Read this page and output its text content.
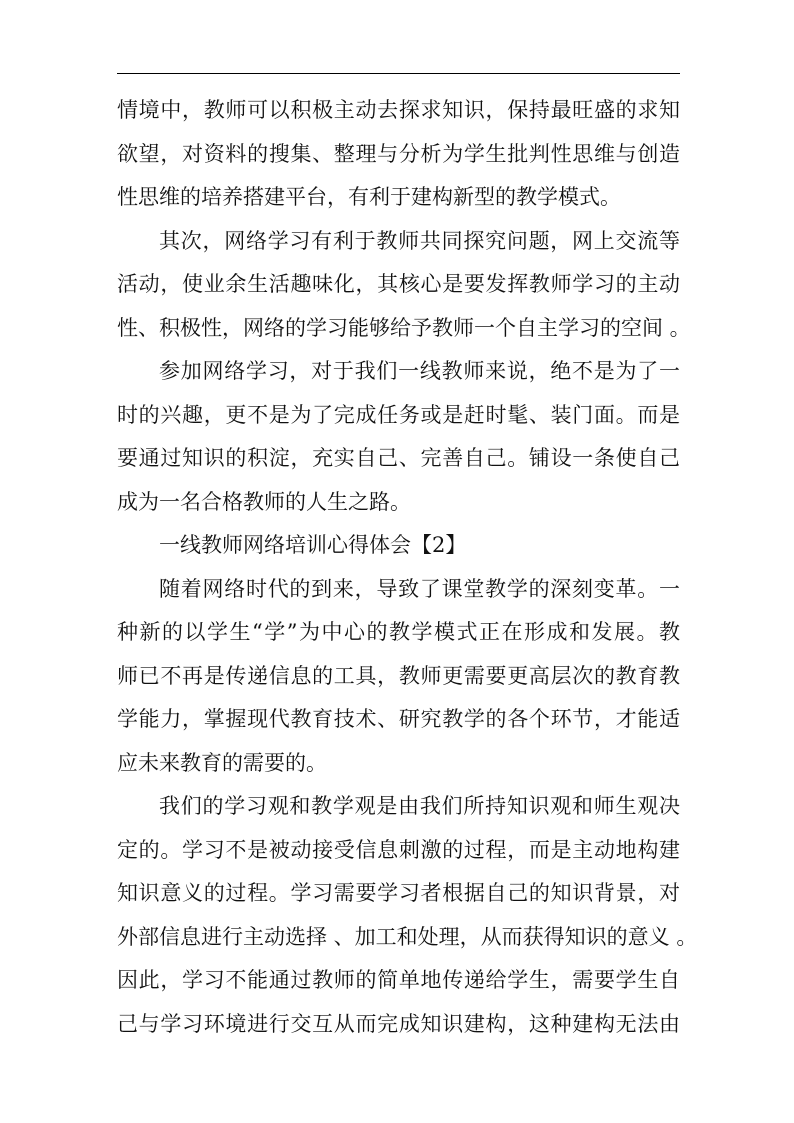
情境中，教师可以积极主动去探求知识，保持最旺盛的求知
欲望，对资料的搜集、整理与分析为学生批判性思维与创造
性思维的培养搭建平台，有利于建构新型的教学模式。
其次，网络学习有利于教师共同探究问题，网上交流等
活动，使业余生活趣味化，其核心是要发挥教师学习的主动
性、积极性，网络的学习能够给予教师一个自主学习的空间 。
参加网络学习，对于我们一线教师来说，绝不是为了一
时的兴趣，更不是为了完成任务或是赶时髦、装门面。而是
要通过知识的积淀，充实自己、完善自己。铺设一条使自己
成为一名合格教师的人生之路。
一线教师网络培训心得体会【2】
随着网络时代的到来，导致了课堂教学的深刻变革。一
种新的以学生“学”为中心的教学模式正在形成和发展。教
师已不再是传递信息的工具，教师更需要更高层次的教育教
学能力，掌握现代教育技术、研究教学的各个环节，才能适
应未来教育的需要的。
我们的学习观和教学观是由我们所持知识观和师生观决
定的。学习不是被动接受信息刺激的过程，而是主动地构建
知识意义的过程。学习需要学习者根据自己的知识背景，对
外部信息进行主动选择 、加工和处理，从而获得知识的意义 。
因此，学习不能通过教师的简单地传递给学生，需要学生自
己与学习环境进行交互从而完成知识建构，这种建构无法由
